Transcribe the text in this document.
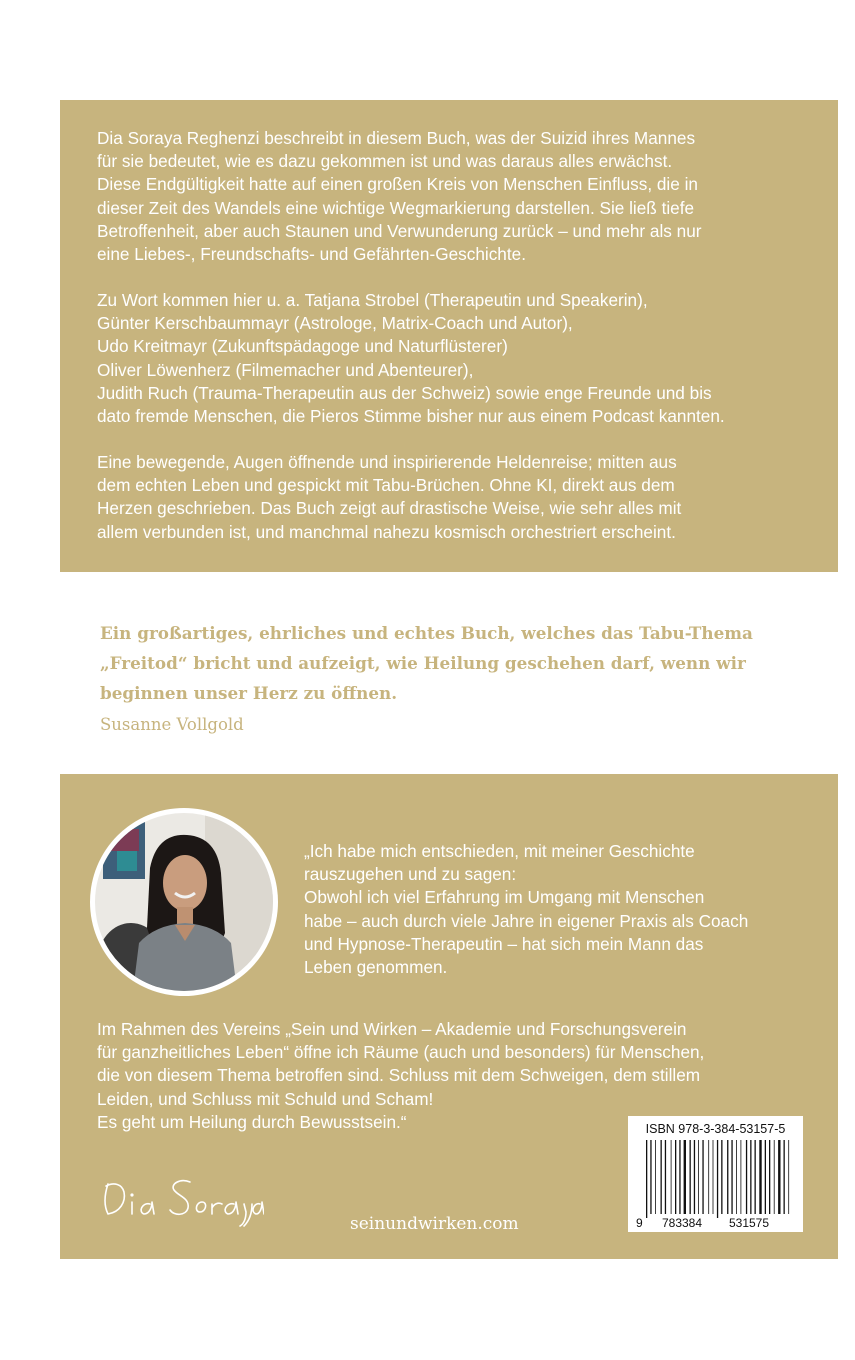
Dia Soraya Reghenzi beschreibt in diesem Buch, was der Suizid ihres Mannes
für sie bedeutet, wie es dazu gekommen ist und was daraus alles erwächst.
Diese Endgültigkeit hatte auf einen großen Kreis von Menschen Einfluss, die in
dieser Zeit des Wandels eine wichtige Wegmarkierung darstellen. Sie ließ tiefe
Betroffenheit, aber auch Staunen und Verwunderung zurück – und mehr als nur
eine Liebes-, Freundschafts- und Gefährten-Geschichte.

Zu Wort kommen hier u. a. Tatjana Strobel (Therapeutin und Speakerin),
Günter Kerschbaummayr (Astrologe, Matrix-Coach und Autor),
Udo Kreitmayr (Zukunftspädagoge und Naturflüsterer)
Oliver Löwenherz (Filmemacher und Abenteurer),
Judith Ruch (Trauma-Therapeutin aus der Schweiz) sowie enge Freunde und bis
dato fremde Menschen, die Pieros Stimme bisher nur aus einem Podcast kannten.

Eine bewegende, Augen öffnende und inspirierende Heldenreise; mitten aus
dem echten Leben und gespickt mit Tabu-Brüchen. Ohne KI, direkt aus dem
Herzen geschrieben. Das Buch zeigt auf drastische Weise, wie sehr alles mit
allem verbunden ist, und manchmal nahezu kosmisch orchestriert erscheint.

Ein großartiges, ehrliches und echtes Buch, welches das Tabu-Thema
„Freitod“ bricht und aufzeigt, wie Heilung geschehen darf, wenn wir
beginnen unser Herz zu öffnen.

Susanne Vollgold

„Ich habe mich entschieden, mit meiner Geschichte
rauszugehen und zu sagen:
Obwohl ich viel Erfahrung im Umgang mit Menschen
habe – auch durch viele Jahre in eigener Praxis als Coach
und Hypnose-Therapeutin – hat sich mein Mann das
Leben genommen.

Im Rahmen des Vereins „Sein und Wirken – Akademie und Forschungsverein
für ganzheitliches Leben“ öffne ich Räume (auch und besonders) für Menschen,
die von diesem Thema betroffen sind. Schluss mit dem Schweigen, dem stillem
Leiden, und Schluss mit Schuld und Scham!
Es geht um Heilung durch Bewusstsein.“

seinundwirken.com
ISBN 978-3-384-53157-5
9 783384 531575
